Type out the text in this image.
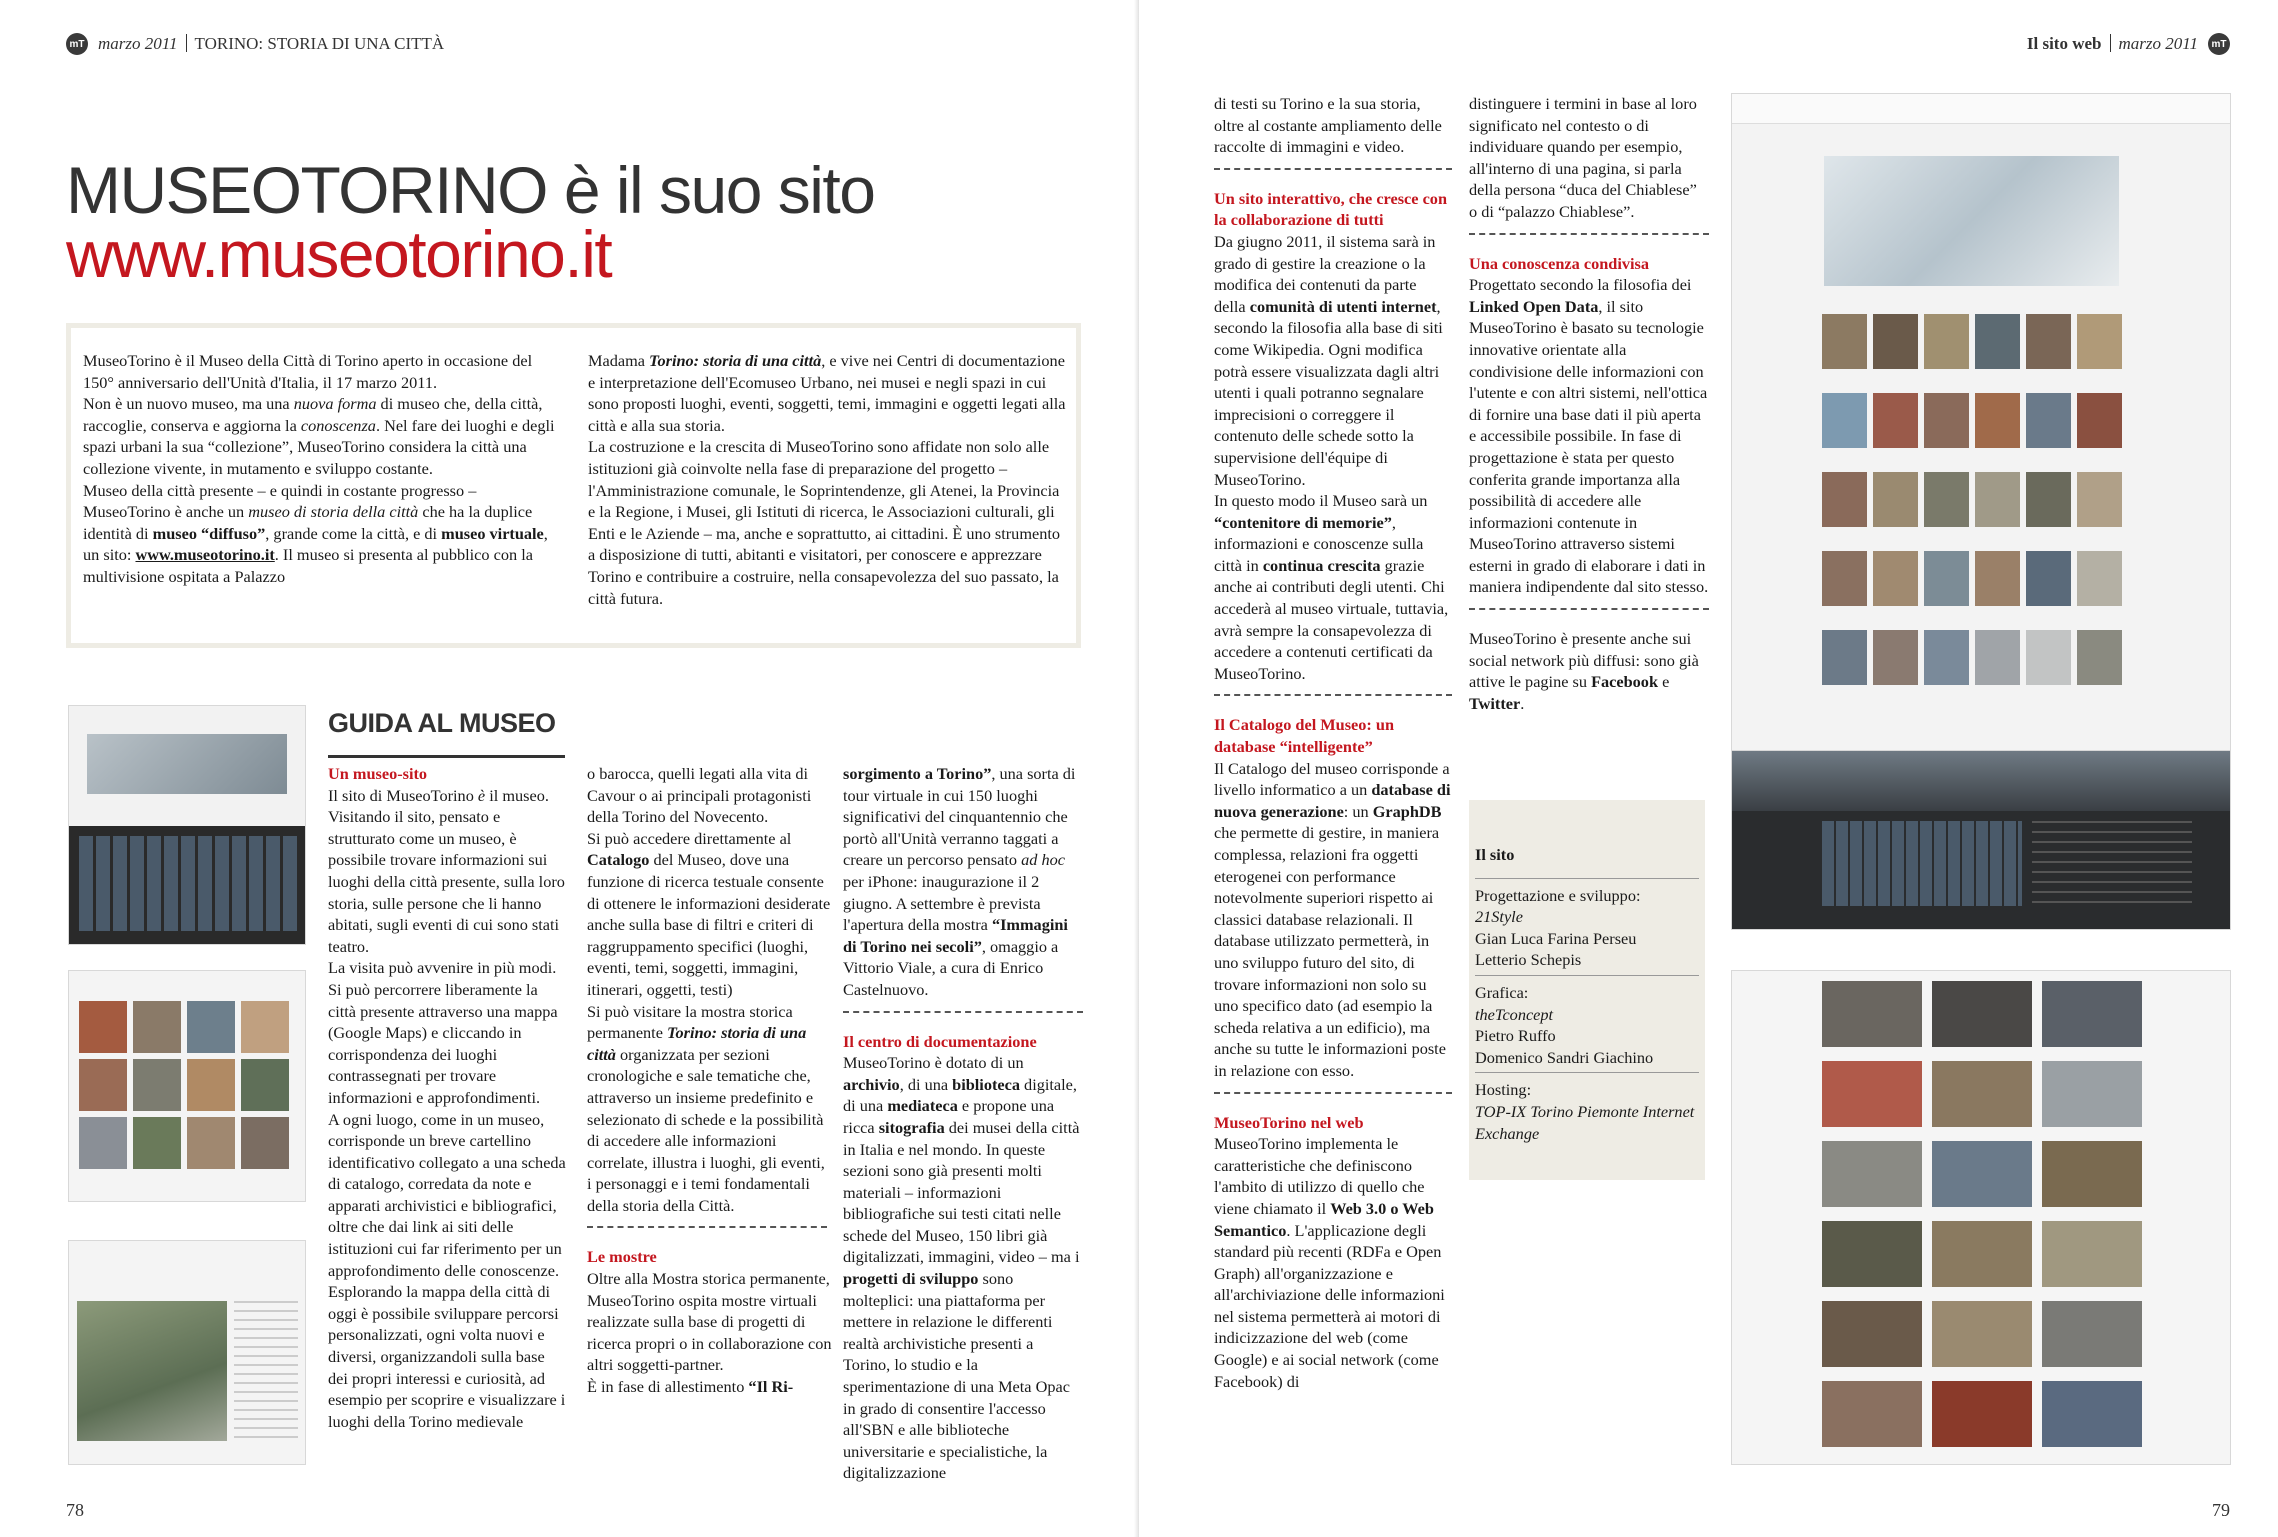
mT marzo 2011 TORINO: STORIA DI UNA CITTÀ
MUSEOTORINO è il suo sito
www.museotorino.it
MuseoTorino è il Museo della Città di Torino aperto in occasione del 150° anniversario dell'Unità d'Italia, il 17 marzo 2011.
Non è un nuovo museo, ma una nuova forma di museo che, della città, raccoglie, conserva e aggiorna la conoscenza. Nel fare dei luoghi e degli spazi urbani la sua “collezione”, MuseoTorino considera la città una collezione vivente, in mutamento e sviluppo costante.
Museo della città presente – e quindi in costante progresso – MuseoTorino è anche un museo di storia della città che ha la duplice identità di museo “diffuso”, grande come la città, e di museo virtuale, un sito: www.museotorino.it. Il museo si presenta al pubblico con la multivisione ospitata a Palazzo
Madama Torino: storia di una città, e vive nei Centri di documentazione e interpretazione dell'Ecomuseo Urbano, nei musei e negli spazi in cui sono proposti luoghi, eventi, soggetti, temi, immagini e oggetti legati alla città e alla sua storia.
La costruzione e la crescita di MuseoTorino sono affidate non solo alle istituzioni già coinvolte nella fase di preparazione del progetto – l'Amministrazione comunale, le Soprintendenze, gli Atenei, la Provincia e la Regione, i Musei, gli Istituti di ricerca, le Associazioni culturali, gli Enti e le Aziende – ma, anche e soprattutto, ai cittadini. È uno strumento a disposizione di tutti, abitanti e visitatori, per conoscere e apprezzare Torino e contribuire a costruire, nella consapevolezza del suo passato, la città futura.
GUIDA AL MUSEO
Un museo-sito
Il sito di MuseoTorino è il museo. Visitando il sito, pensato e strutturato come un museo, è possibile trovare informazioni sui luoghi della città presente, sulla loro storia, sulle persone che li hanno abitati, sugli eventi di cui sono stati teatro.
La visita può avvenire in più modi.
Si può percorrere liberamente la città presente attraverso una mappa (Google Maps) e cliccando in corrispondenza dei luoghi contrassegnati per trovare informazioni e approfondimenti.
A ogni luogo, come in un museo, corrisponde un breve cartellino identificativo collegato a una scheda di catalogo, corredata da note e apparati archivistici e bibliografici, oltre che dai link ai siti delle istituzioni cui far riferimento per un approfondimento delle conoscenze. Esplorando la mappa della città di oggi è possibile sviluppare percorsi personalizzati, ogni volta nuovi e diversi, organizzandoli sulla base dei propri interessi e curiosità, ad esempio per scoprire e visualizzare i luoghi della Torino medievale
o barocca, quelli legati alla vita di Cavour o ai principali protagonisti della Torino del Novecento.
Si può accedere direttamente al Catalogo del Museo, dove una funzione di ricerca testuale consente di ottenere le informazioni desiderate anche sulla base di filtri e criteri di raggruppamento specifici (luoghi, eventi, temi, soggetti, immagini, itinerari, oggetti, testi)
Si può visitare la mostra storica permanente Torino: storia di una città organizzata per sezioni cronologiche e sale tematiche che, attraverso un insieme predefinito e selezionato di schede e la possibilità di accedere alle informazioni correlate, illustra i luoghi, gli eventi, i personaggi e i temi fondamentali della storia della Città.
Le mostre
Oltre alla Mostra storica permanente, MuseoTorino ospita mostre virtuali realizzate sulla base di progetti di ricerca propri o in collaborazione con altri soggetti-partner.
È in fase di allestimento “Il Ri-
sorgimento a Torino”, una sorta di tour virtuale in cui 150 luoghi significativi del cinquantennio che portò all'Unità verranno taggati a creare un percorso pensato ad hoc per iPhone: inaugurazione il 2 giugno. A settembre è prevista l'apertura della mostra “Immagini di Torino nei secoli”, omaggio a Vittorio Viale, a cura di Enrico Castelnuovo.
Il centro di documentazione
MuseoTorino è dotato di un archivio, di una biblioteca digitale, di una mediateca e propone una ricca sitografia dei musei della città in Italia e nel mondo. In queste sezioni sono già presenti molti materiali – informazioni bibliografiche sui testi citati nelle schede del Museo, 150 libri già digitalizzati, immagini, video – ma i progetti di sviluppo sono molteplici: una piattaforma per mettere in relazione le differenti realtà archivistiche presenti a Torino, lo studio e la sperimentazione di una Meta Opac in grado di consentire l'accesso all'SBN e alle biblioteche universitarie e specialistiche, la digitalizzazione
78
Il sito web marzo 2011	mT
di testi su Torino e la sua storia, oltre al costante ampliamento delle raccolte di immagini e video.
Un sito interattivo, che cresce con la collaborazione di tutti
Da giugno 2011, il sistema sarà in grado di gestire la creazione o la modifica dei contenuti da parte della comunità di utenti internet, secondo la filosofia alla base di siti come Wikipedia. Ogni modifica potrà essere visualizzata dagli altri utenti i quali potranno segnalare imprecisioni o correggere il contenuto delle schede sotto la supervisione dell'équipe di MuseoTorino.
In questo modo il Museo sarà un “contenitore di memorie”, informazioni e conoscenze sulla città in continua crescita grazie anche ai contributi degli utenti. Chi accederà al museo virtuale, tuttavia, avrà sempre la consapevolezza di accedere a contenuti certificati da MuseoTorino.
Il Catalogo del Museo: un database “intelligente”
Il Catalogo del museo corrisponde a livello informatico a un database di nuova generazione: un GraphDB che permette di gestire, in maniera complessa, relazioni fra oggetti eterogenei con performance notevolmente superiori rispetto ai classici database relazionali. Il database utilizzato permetterà, in uno sviluppo futuro del sito, di trovare informazioni non solo su uno specifico dato (ad esempio la scheda relativa a un edificio), ma anche su tutte le informazioni poste in relazione con esso.
MuseoTorino nel web
MuseoTorino implementa le caratteristiche che definiscono l'ambito di utilizzo di quello che viene chiamato il Web 3.0 o Web Semantico. L'applicazione degli standard più recenti (RDFa e Open Graph) all'organizzazione e all'archiviazione delle informazioni nel sistema permetterà ai motori di indicizzazione del web (come Google) e ai social network (come Facebook) di
distinguere i termini in base al loro significato nel contesto o di individuare quando per esempio, all'interno di una pagina, si parla della persona “duca del Chiablese” o di “palazzo Chiablese”.
Una conoscenza condivisa
Progettato secondo la filosofia dei Linked Open Data, il sito MuseoTorino è basato su tecnologie innovative orientate alla condivisione delle informazioni con l'utente e con altri sistemi, nell'ottica di fornire una base dati il più aperta e accessibile possibile. In fase di progettazione è stata per questo conferita grande importanza alla possibilità di accedere alle informazioni contenute in MuseoTorino attraverso sistemi esterni in grado di elaborare i dati in maniera indipendente dal sito stesso.
MuseoTorino è presente anche sui social network più diffusi: sono già attive le pagine su Facebook e Twitter.
Il sito
Progettazione e sviluppo:
21Style
Gian Luca Farina Perseu
Letterio Schepis
Grafica:
theTconcept
Pietro Ruffo
Domenico Sandri Giachino
Hosting:
TOP-IX Torino Piemonte Internet Exchange
79
